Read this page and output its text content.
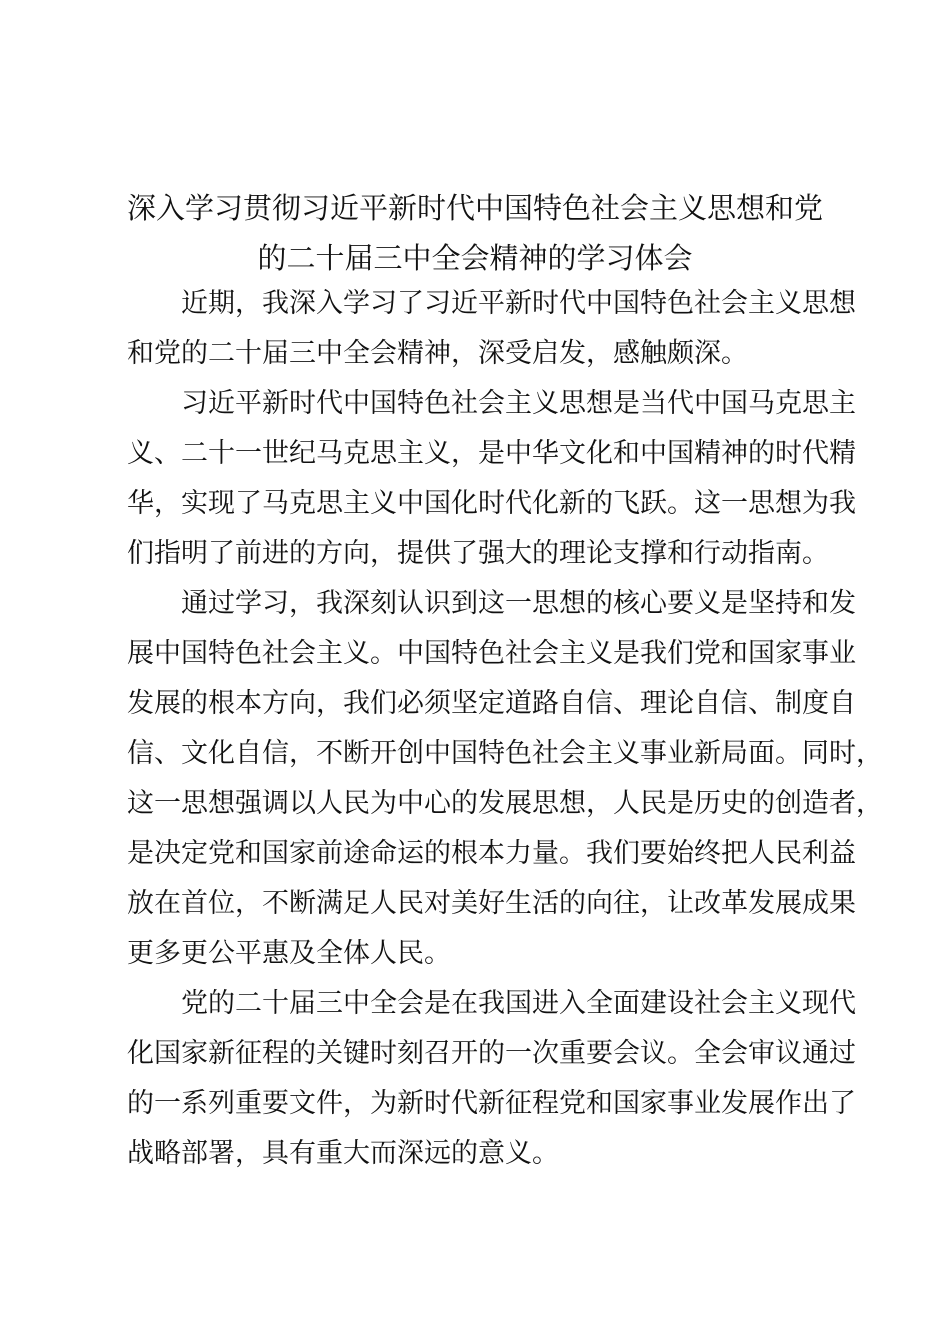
深入学习贯彻习近平新时代中国特色社会主义思想和党
的二十届三中全会精神的学习体会
近期，我深入学习了习近平新时代中国特色社会主义思想
和党的二十届三中全会精神，深受启发，感触颇深。
习近平新时代中国特色社会主义思想是当代中国马克思主
义、二十一世纪马克思主义，是中华文化和中国精神的时代精
华，实现了马克思主义中国化时代化新的飞跃。这一思想为我
们指明了前进的方向，提供了强大的理论支撑和行动指南。
通过学习，我深刻认识到这一思想的核心要义是坚持和发
展中国特色社会主义。中国特色社会主义是我们党和国家事业
发展的根本方向，我们必须坚定道路自信、理论自信、制度自
信、文化自信，不断开创中国特色社会主义事业新局面。同时，
这一思想强调以人民为中心的发展思想，人民是历史的创造者，
是决定党和国家前途命运的根本力量。我们要始终把人民利益
放在首位，不断满足人民对美好生活的向往，让改革发展成果
更多更公平惠及全体人民。
党的二十届三中全会是在我国进入全面建设社会主义现代
化国家新征程的关键时刻召开的一次重要会议。全会审议通过
的一系列重要文件，为新时代新征程党和国家事业发展作出了
战略部署，具有重大而深远的意义。
